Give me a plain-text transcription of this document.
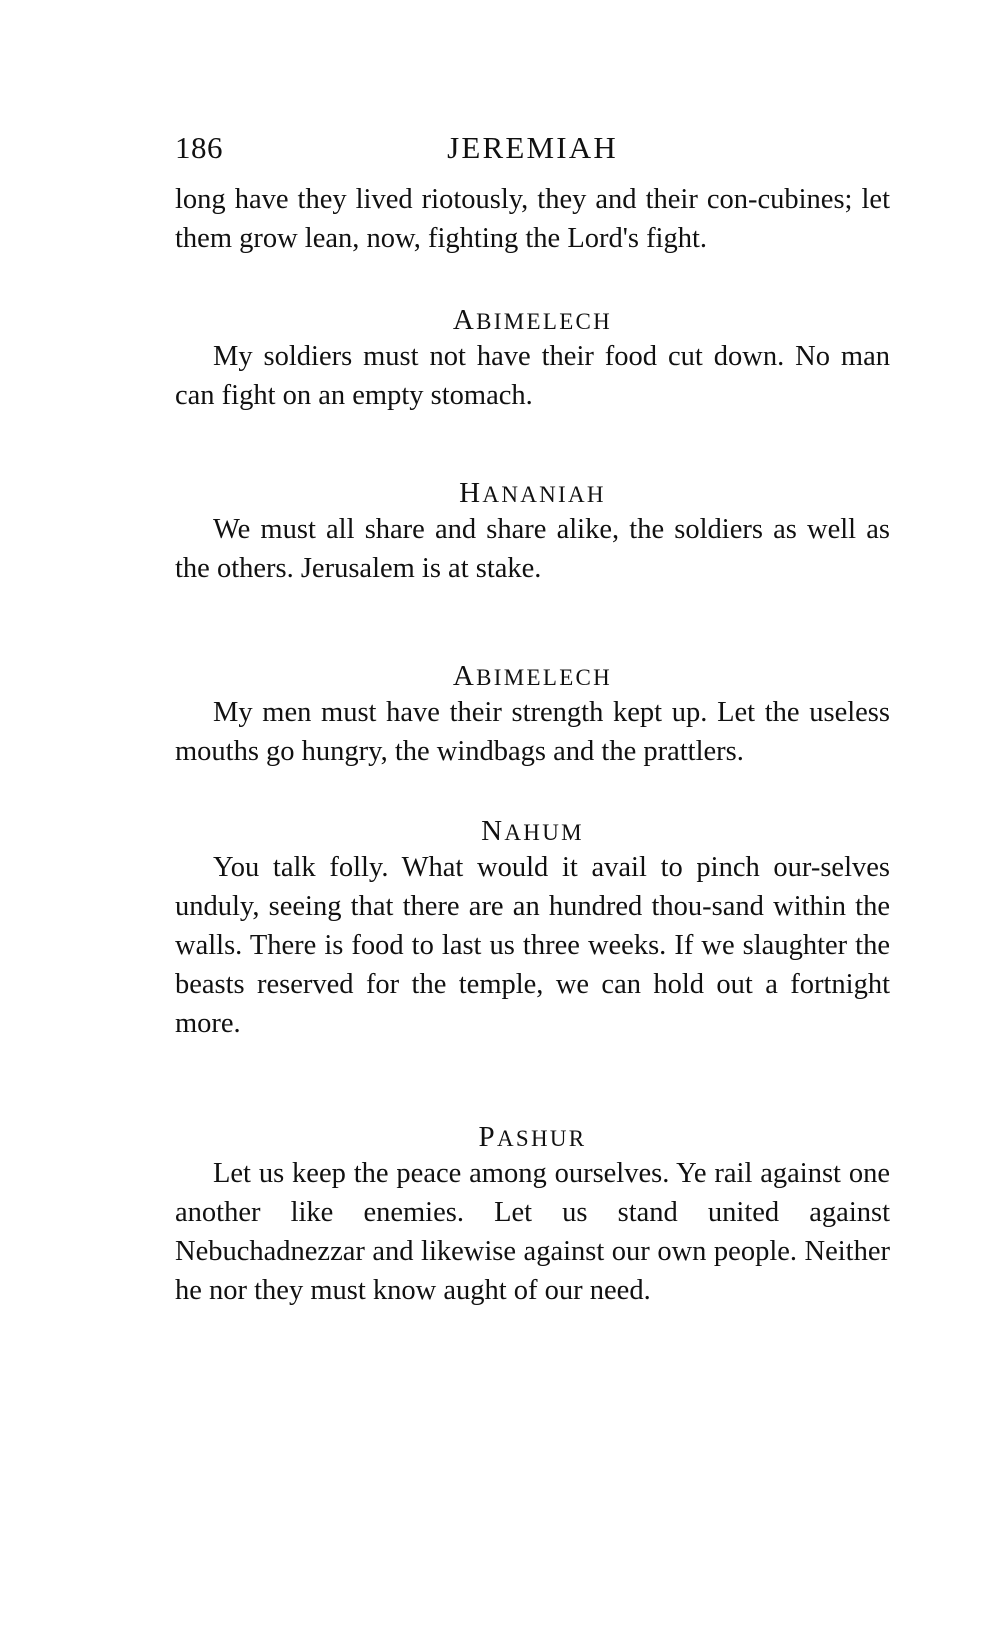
186	JEREMIAH

long have they lived riotously, they and their con-cubines; let them grow lean, now, fighting the Lord's fight.

ABIMELECH

My soldiers must not have their food cut down. No man can fight on an empty stomach.

HANANIAH

We must all share and share alike, the soldiers as well as the others. Jerusalem is at stake.

ABIMELECH

My men must have their strength kept up. Let the useless mouths go hungry, the windbags and the prattlers.

NAHUM

You talk folly. What would it avail to pinch our-selves unduly, seeing that there are an hundred thou-sand within the walls. There is food to last us three weeks. If we slaughter the beasts reserved for the temple, we can hold out a fortnight more.

PASHUR

Let us keep the peace among ourselves. Ye rail against one another like enemies. Let us stand united against Nebuchadnezzar and likewise against our own people. Neither he nor they must know aught of our need.
